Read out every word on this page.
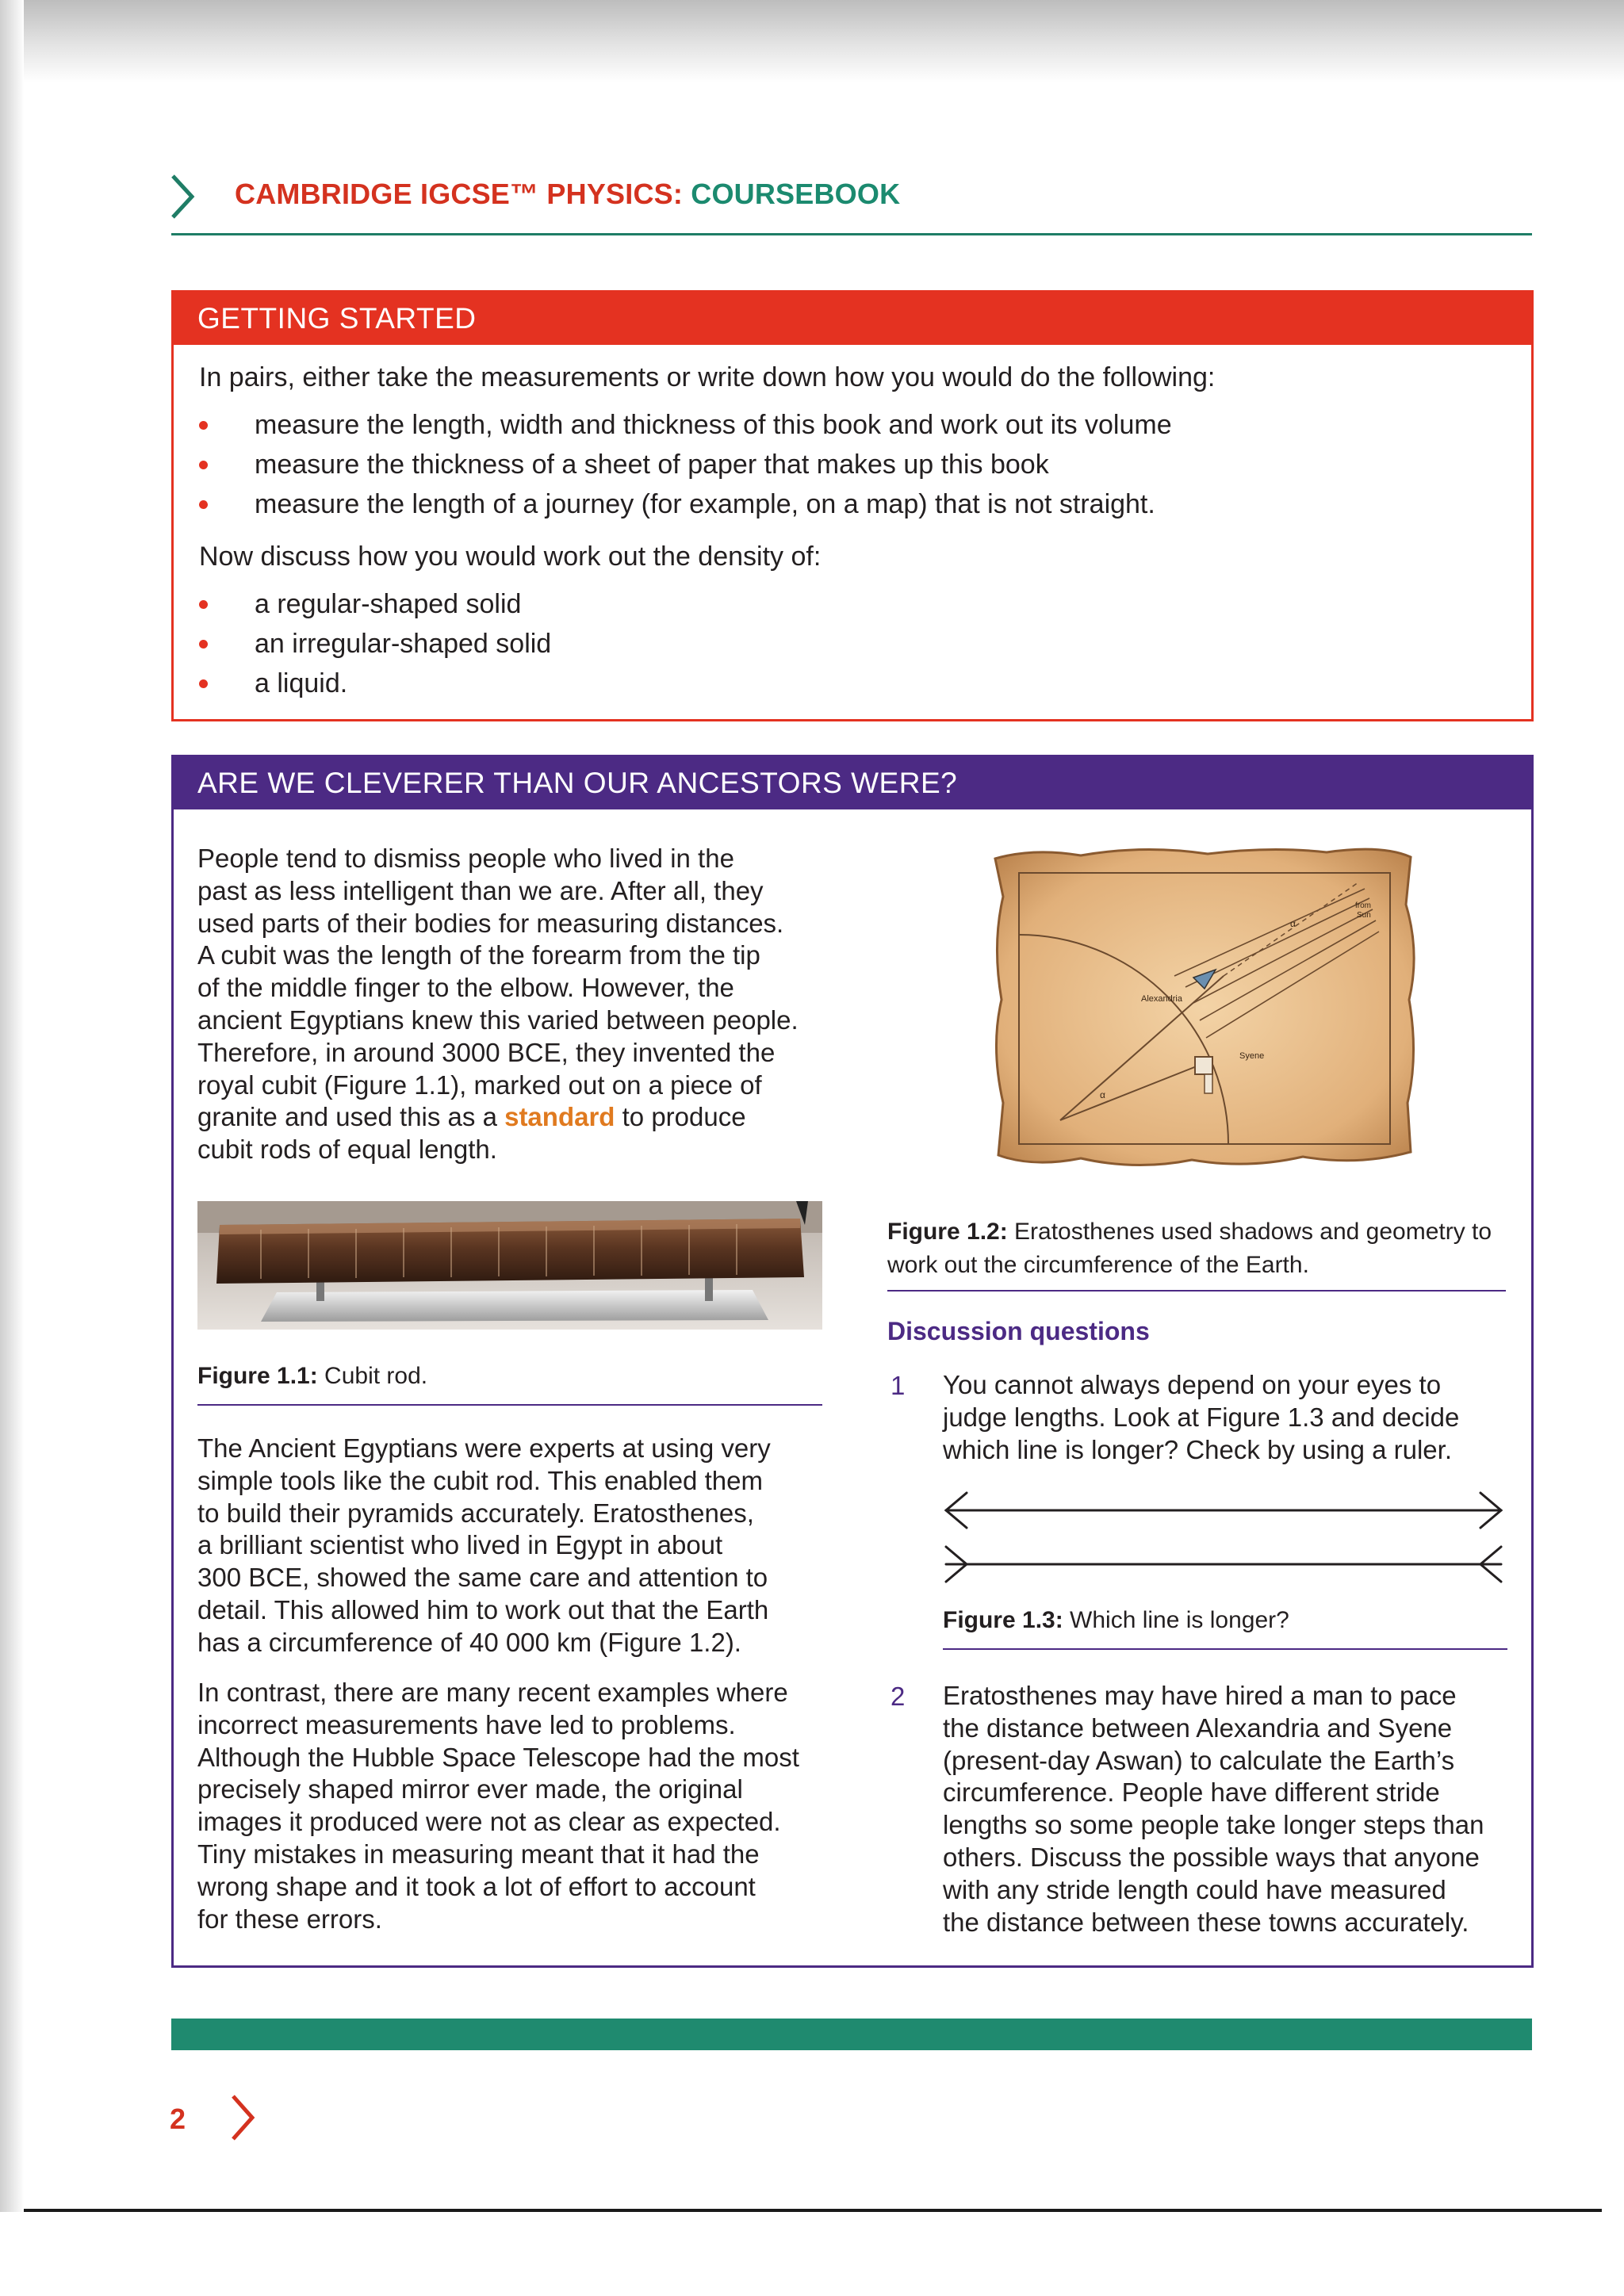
CAMBRIDGE IGCSE™ PHYSICS: COURSEBOOK
GETTING STARTED
In pairs, either take the measurements or write down how you would do the following:
measure the length, width and thickness of this book and work out its volume
measure the thickness of a sheet of paper that makes up this book
measure the length of a journey (for example, on a map) that is not straight.
Now discuss how you would work out the density of:
a regular-shaped solid
an irregular-shaped solid
a liquid.
ARE WE CLEVERER THAN OUR ANCESTORS WERE?
People tend to dismiss people who lived in the
past as less intelligent than we are. After all, they
used parts of their bodies for measuring distances.
A cubit was the length of the forearm from the tip
of the middle finger to the elbow. However, the
ancient Egyptians knew this varied between people.
Therefore, in around 3000 BCE, they invented the
royal cubit (Figure 1.1), marked out on a piece of
granite and used this as a standard to produce
cubit rods of equal length.
Figure 1.1: Cubit rod.
The Ancient Egyptians were experts at using very
simple tools like the cubit rod. This enabled them
to build their pyramids accurately. Eratosthenes,
a brilliant scientist who lived in Egypt in about
300 BCE, showed the same care and attention to
detail. This allowed him to work out that the Earth
has a circumference of 40 000 km (Figure 1.2).
In contrast, there are many recent examples where
incorrect measurements have led to problems.
Although the Hubble Space Telescope had the most
precisely shaped mirror ever made, the original
images it produced were not as clear as expected.
Tiny mistakes in measuring meant that it had the
wrong shape and it took a lot of effort to account
for these errors.
Alexandria
Syene
from
Sun
α
α
Figure 1.2: Eratosthenes used shadows and geometry to
work out the circumference of the Earth.
Discussion questions
1 You cannot always depend on your eyes to
judge lengths. Look at Figure 1.3 and decide
which line is longer? Check by using a ruler.
Figure 1.3: Which line is longer?
2 Eratosthenes may have hired a man to pace
the distance between Alexandria and Syene
(present-day Aswan) to calculate the Earth’s
circumference. People have different stride
lengths so some people take longer steps than
others. Discuss the possible ways that anyone
with any stride length could have measured
the distance between these towns accurately.
2
